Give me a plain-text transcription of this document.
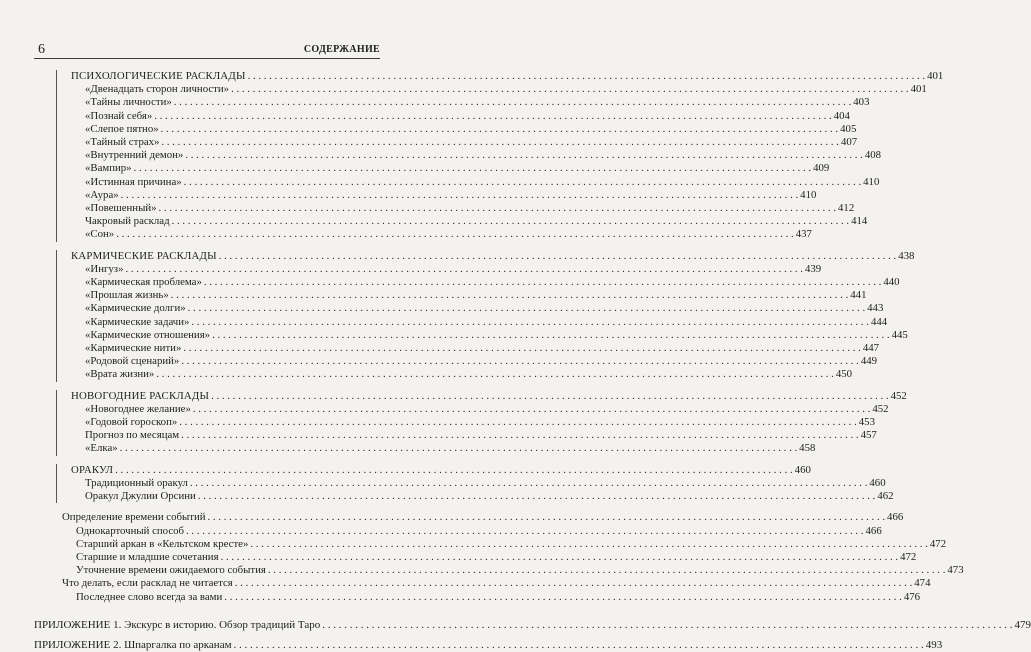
6	СОДЕРЖАНИЕ
ПСИХОЛОГИЧЕСКИЕ РАСКЛАДЫ . . .	401
«Двенадцать сторон личности» . . .	401
«Тайны личности» . . .	403
«Познай себя» . . .	404
«Слепое пятно» . . .	405
«Тайный страх» . . .	407
«Внутренний демон» . . .	408
«Вампир» . . .	409
«Истинная причина» . . .	410
«Аура» . . .	410
«Повешенный» . . .	412
Чакровый расклад . . .	414
«Сон» . . .	437
КАРМИЧЕСКИЕ РАСКЛАДЫ . . .	438
«Ингуз» . . .	439
«Кармическая проблема» . . .	440
«Прошлая жизнь» . . .	441
«Кармические долги» . . .	443
«Кармические задачи» . . .	444
«Кармические отношения» . . .	445
«Кармические нити» . . .	447
«Родовой сценарий» . . .	449
«Врата жизни» . . .	450
НОВОГОДНИЕ РАСКЛАДЫ . . .	452
«Новогоднее желание» . . .	452
«Годовой гороскоп» . . .	453
Прогноз по месяцам . . .	457
«Елка» . . .	458
ОРАКУЛ . . .	460
Традиционный оракул . . .	460
Оракул Джулии Орсини . . .	462
Определение времени событий . . .	466
Однокарточный способ . . .	466
Старший аркан в «Кельтском кресте» . . .	472
Старшие и младшие сочетания . . .	472
Уточнение времени ожидаемого события . . .	473
Что делать, если расклад не читается . . .	474
Последнее слово всегда за вами . . .	476
ПРИЛОЖЕНИЕ 1. Экскурс в историю. Обзор традиций Таро . . .	479
ПРИЛОЖЕНИЕ 2. Шпаргалка по арканам . . .	493
